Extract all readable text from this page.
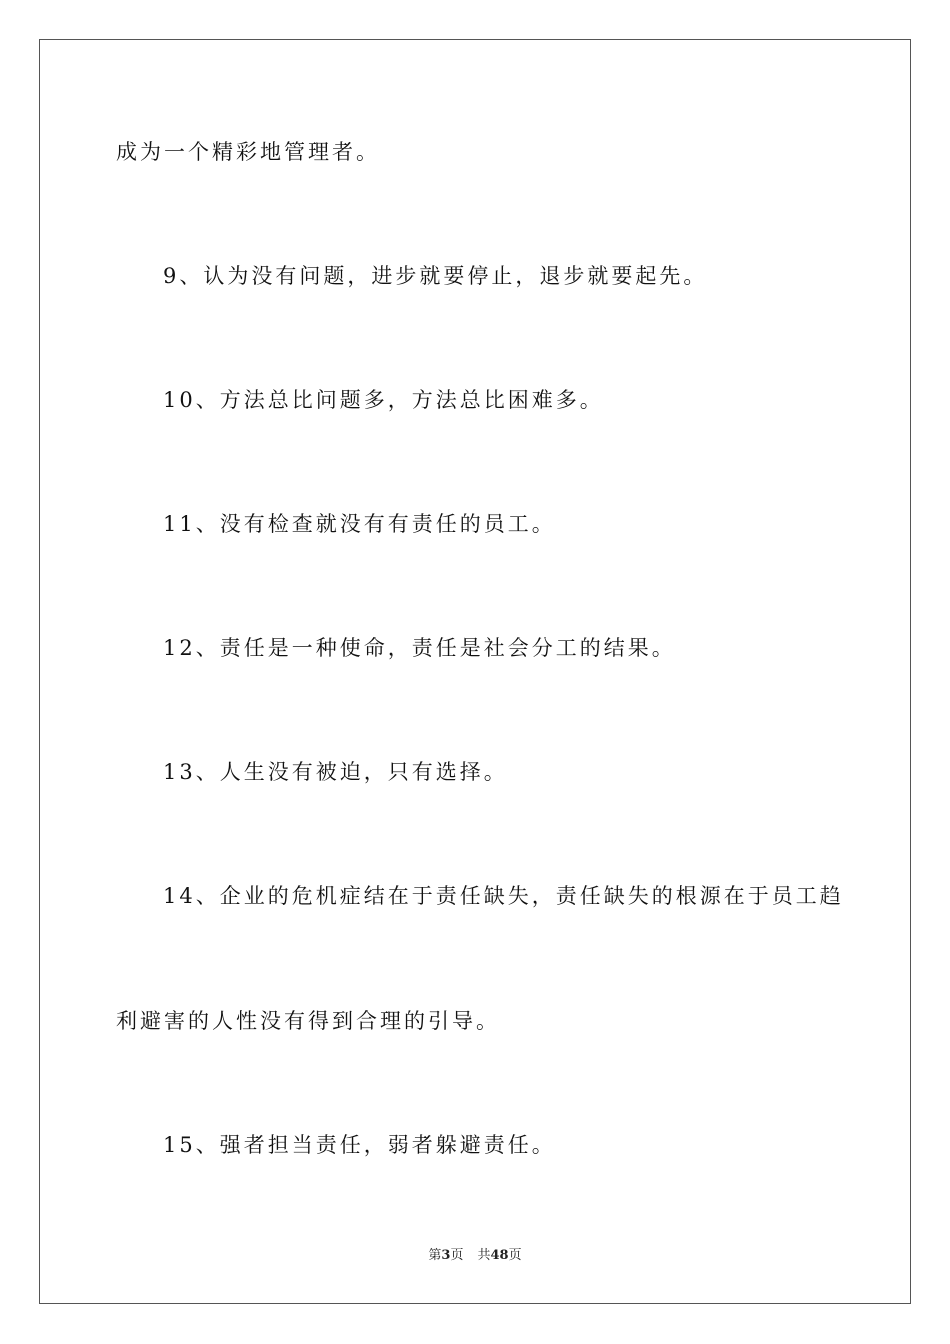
成为一个精彩地管理者。
9、认为没有问题，进步就要停止，退步就要起先。
10、方法总比问题多，方法总比困难多。
11、没有检查就没有有责任的员工。
12、责任是一种使命，责任是社会分工的结果。
13、人生没有被迫，只有选择。
14、企业的危机症结在于责任缺失，责任缺失的根源在于员工趋
利避害的人性没有得到合理的引导。
15、强者担当责任，弱者躲避责任。
第3页 共48页
